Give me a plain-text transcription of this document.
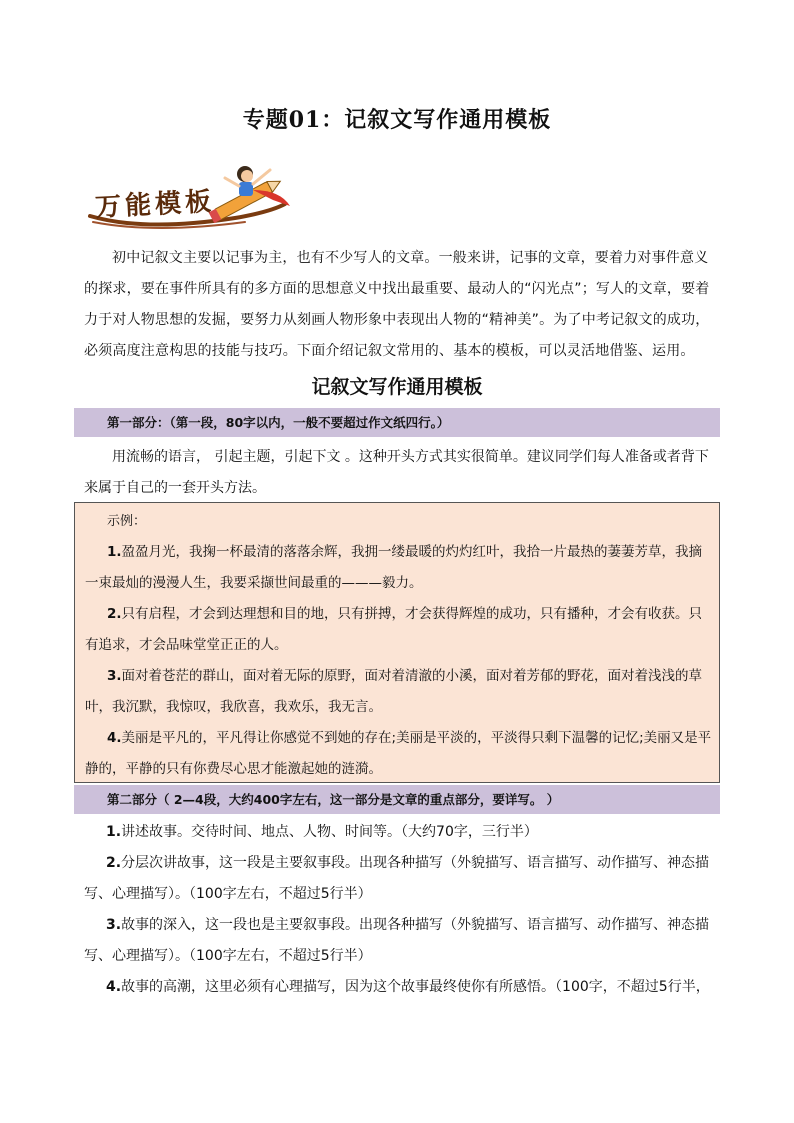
专题01：记叙文写作通用模板
万能模板
初中记叙文主要以记事为主，也有不少写人的文章。一般来讲，记事的文章，要着力对事件意义的探求，要在事件所具有的多方面的思想意义中找出最重要、最动人的“闪光点”；写人的文章，要着力于对人物思想的发掘，要努力从刻画人物形象中表现出人物的“精神美”。为了中考记叙文的成功，必须高度注意构思的技能与技巧。下面介绍记叙文常用的、基本的模板，可以灵活地借鉴、运用。
记叙文写作通用模板
第一部分：（第一段，80字以内，一般不要超过作文纸四行。）
用流畅的语言， 引起主题，引起下文 。这种开头方式其实很简单。建议同学们每人准备或者背下来属于自己的一套开头方法。
示例：
1.盈盈月光，我掬一杯最清的落落余辉，我拥一缕最暖的灼灼红叶，我拾一片最热的萋萋芳草，我摘一束最灿的漫漫人生，我要采撷世间最重的———毅力。
2.只有启程，才会到达理想和目的地，只有拼搏，才会获得辉煌的成功，只有播种，才会有收获。只有追求，才会品味堂堂正正的人。
3.面对着苍茫的群山，面对着无际的原野，面对着清澈的小溪，面对着芳郁的野花，面对着浅浅的草叶，我沉默，我惊叹，我欣喜，我欢乐，我无言。
4.美丽是平凡的，平凡得让你感觉不到她的存在;美丽是平淡的，平淡得只剩下温馨的记忆;美丽又是平静的，平静的只有你费尽心思才能激起她的涟漪。
第二部分（ 2—4段，大约400字左右，这一部分是文章的重点部分，要详写。 ）
1.讲述故事。交待时间、地点、人物、时间等。（大约70字，三行半）
2.分层次讲故事，这一段是主要叙事段。出现各种描写（外貌描写、语言描写、动作描写、神态描写、心理描写）。（100字左右，不超过5行半）
3.故事的深入，这一段也是主要叙事段。出现各种描写（外貌描写、语言描写、动作描写、神态描写、心理描写）。（100字左右，不超过5行半）
4.故事的高潮，这里必须有心理描写，因为这个故事最终使你有所感悟。（100字，不超过5行半，
